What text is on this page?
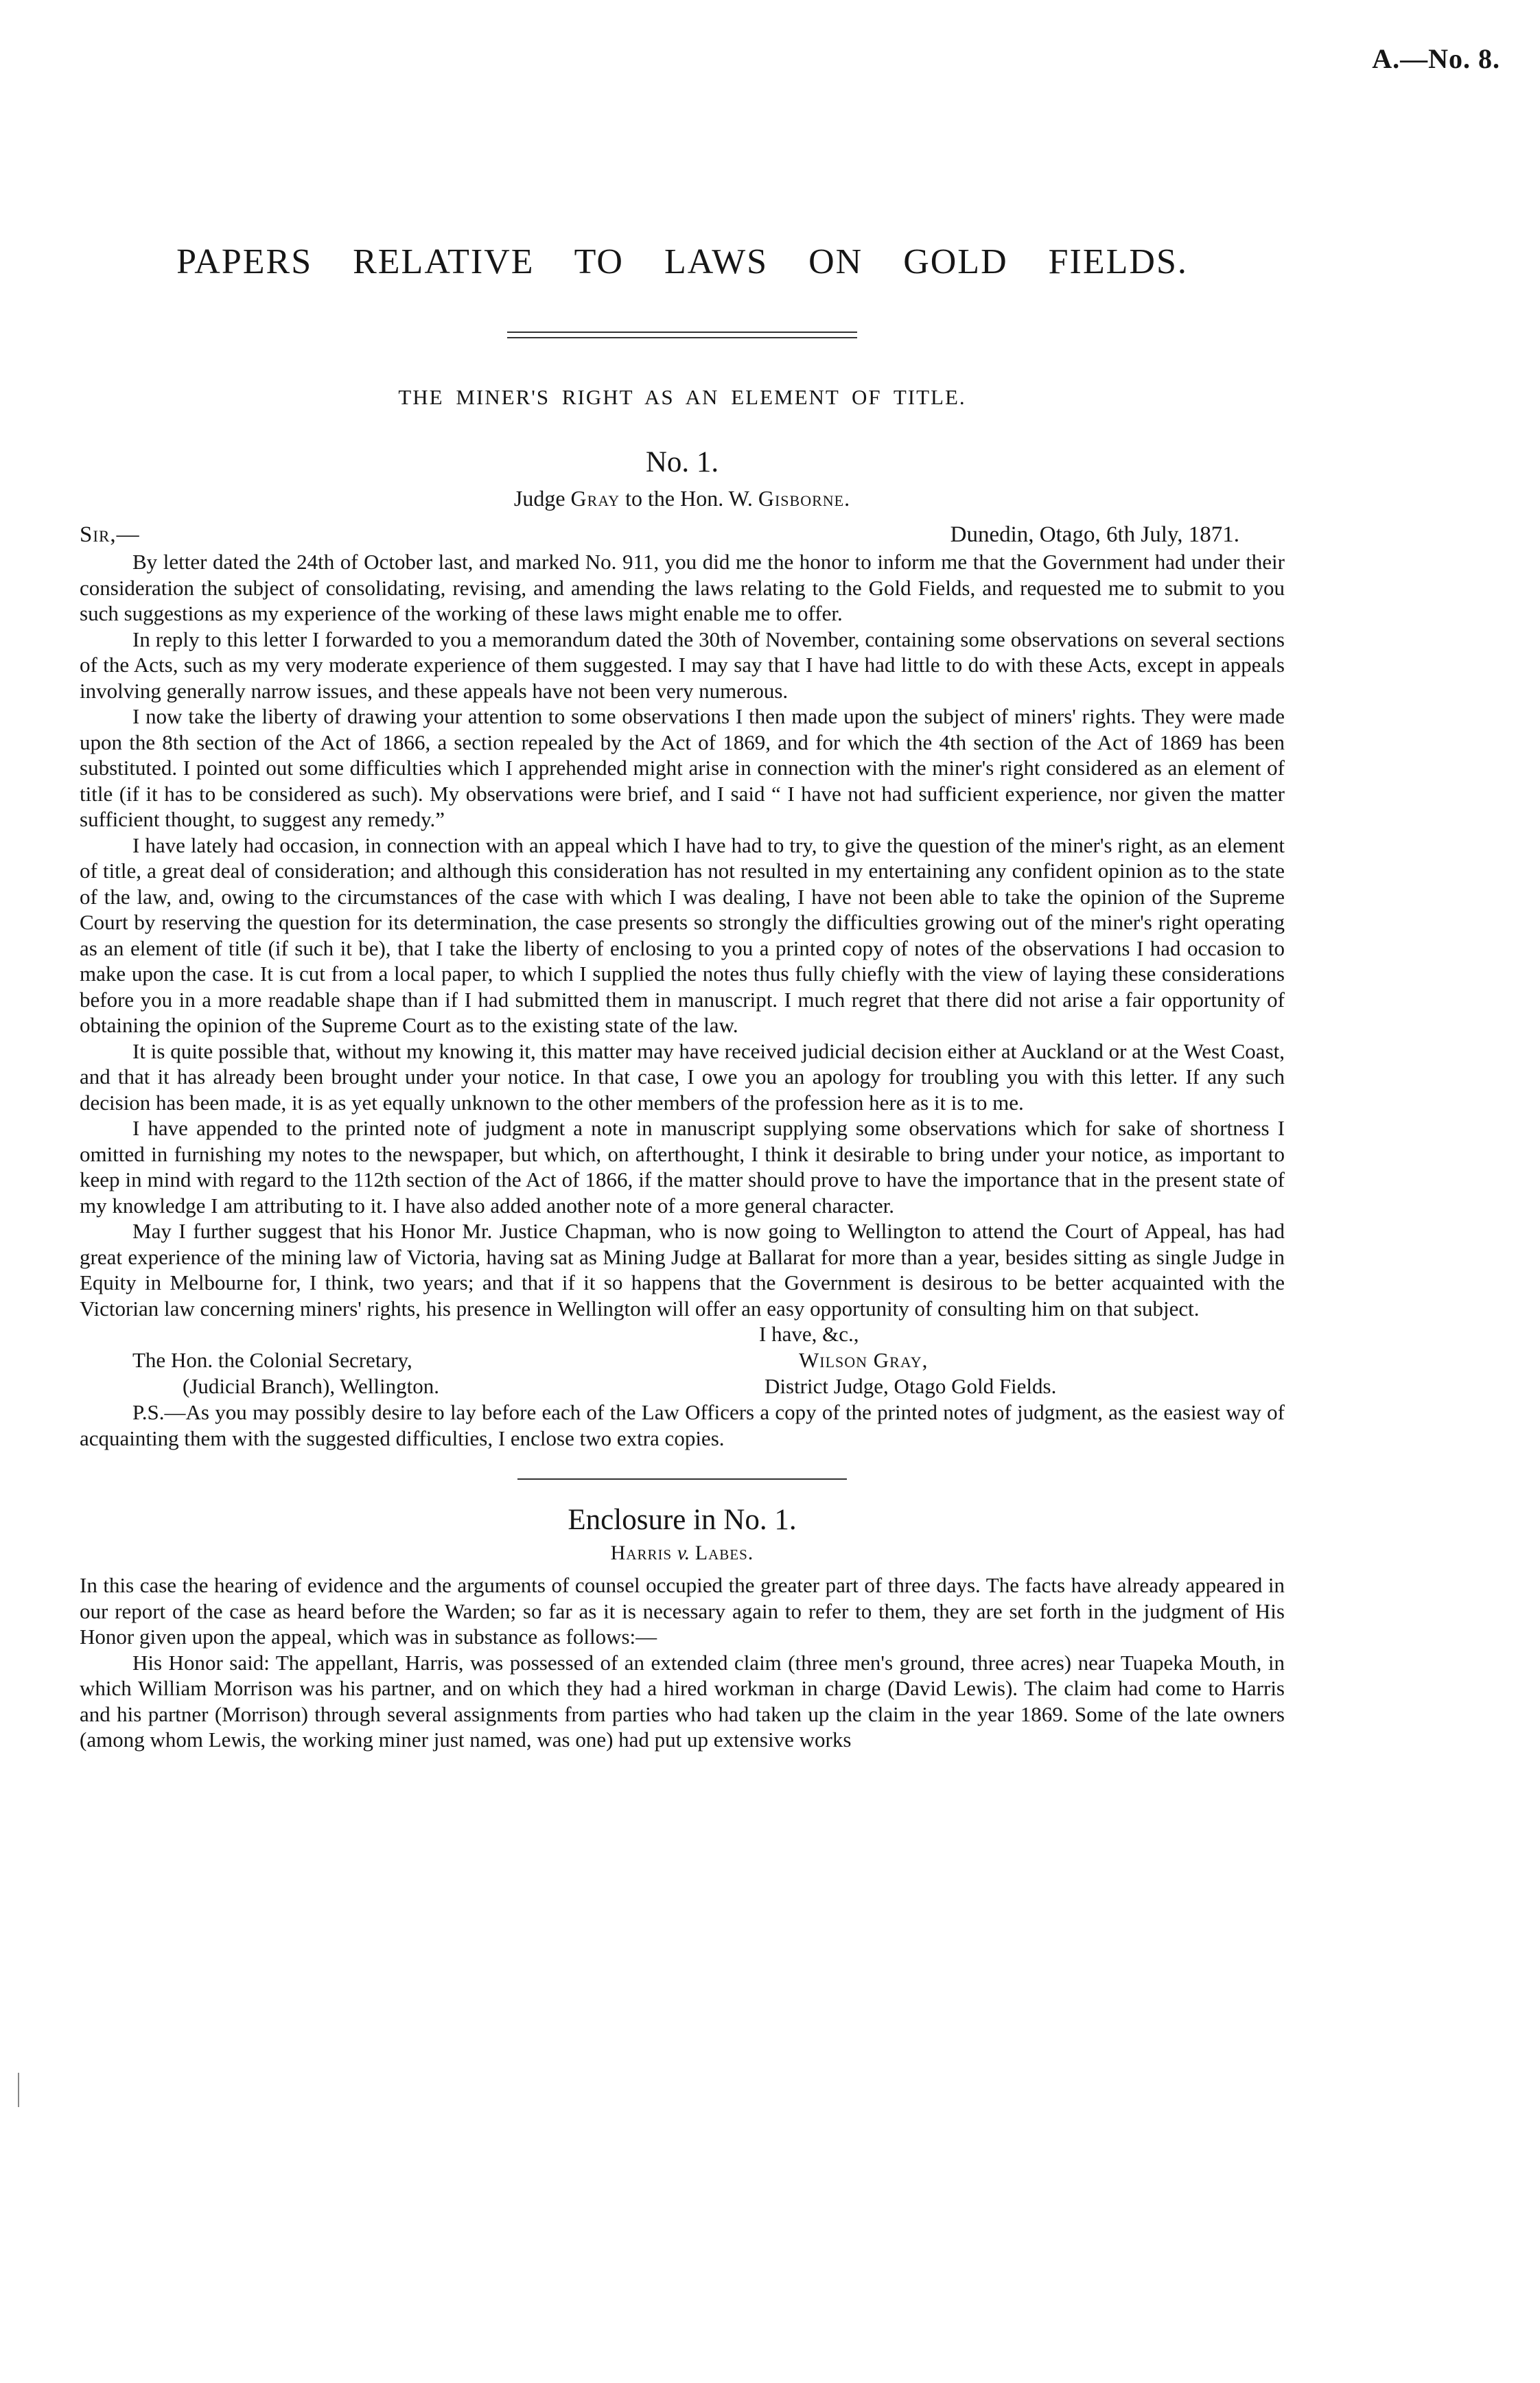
A.—No. 8.
PAPERS RELATIVE TO LAWS ON GOLD FIELDS.
THE MINER'S RIGHT AS AN ELEMENT OF TITLE.
No. 1.
Judge Gray to the Hon. W. Gisborne.
Sir,—	Dunedin, Otago, 6th July, 1871.

By letter dated the 24th of October last, and marked No. 911, you did me the honor to inform me that the Government had under their consideration the subject of consolidating, revising, and amending the laws relating to the Gold Fields, and requested me to submit to you such suggestions as my experience of the working of these laws might enable me to offer.

In reply to this letter I forwarded to you a memorandum dated the 30th of November, containing some observations on several sections of the Acts, such as my very moderate experience of them suggested. I may say that I have had little to do with these Acts, except in appeals involving generally narrow issues, and these appeals have not been very numerous.

I now take the liberty of drawing your attention to some observations I then made upon the subject of miners' rights. They were made upon the 8th section of the Act of 1866, a section repealed by the Act of 1869, and for which the 4th section of the Act of 1869 has been substituted. I pointed out some difficulties which I apprehended might arise in connection with the miner's right considered as an element of title (if it has to be considered as such). My observations were brief, and I said “ I have not had sufficient experience, nor given the matter sufficient thought, to suggest any remedy.”

I have lately had occasion, in connection with an appeal which I have had to try, to give the question of the miner's right, as an element of title, a great deal of consideration; and although this consideration has not resulted in my entertaining any confident opinion as to the state of the law, and, owing to the circumstances of the case with which I was dealing, I have not been able to take the opinion of the Supreme Court by reserving the question for its determination, the case presents so strongly the difficulties growing out of the miner's right operating as an element of title (if such it be), that I take the liberty of enclosing to you a printed copy of notes of the observations I had occasion to make upon the case. It is cut from a local paper, to which I supplied the notes thus fully chiefly with the view of laying these considerations before you in a more readable shape than if I had submitted them in manuscript. I much regret that there did not arise a fair opportunity of obtaining the opinion of the Supreme Court as to the existing state of the law.

It is quite possible that, without my knowing it, this matter may have received judicial decision either at Auckland or at the West Coast, and that it has already been brought under your notice. In that case, I owe you an apology for troubling you with this letter. If any such decision has been made, it is as yet equally unknown to the other members of the profession here as it is to me.

I have appended to the printed note of judgment a note in manuscript supplying some observations which for sake of shortness I omitted in furnishing my notes to the newspaper, but which, on afterthought, I think it desirable to bring under your notice, as important to keep in mind with regard to the 112th section of the Act of 1866, if the matter should prove to have the importance that in the present state of my knowledge I am attributing to it. I have also added another note of a more general character.

May I further suggest that his Honor Mr. Justice Chapman, who is now going to Wellington to attend the Court of Appeal, has had great experience of the mining law of Victoria, having sat as Mining Judge at Ballarat for more than a year, besides sitting as single Judge in Equity in Melbourne for, I think, two years; and that if it so happens that the Government is desirous to be better acquainted with the Victorian law concerning miners' rights, his presence in Wellington will offer an easy opportunity of consulting him on that subject.

I have, &c.,
The Hon. the Colonial Secretary,	Wilson Gray,
(Judicial Branch), Wellington.	District Judge, Otago Gold Fields.

P.S.—As you may possibly desire to lay before each of the Law Officers a copy of the printed notes of judgment, as the easiest way of acquainting them with the suggested difficulties, I enclose two extra copies.

Enclosure in No. 1.
Harris v. Labes.

In this case the hearing of evidence and the arguments of counsel occupied the greater part of three days. The facts have already appeared in our report of the case as heard before the Warden; so far as it is necessary again to refer to them, they are set forth in the judgment of His Honor given upon the appeal, which was in substance as follows:—

His Honor said: The appellant, Harris, was possessed of an extended claim (three men's ground, three acres) near Tuapeka Mouth, in which William Morrison was his partner, and on which they had a hired workman in charge (David Lewis). The claim had come to Harris and his partner (Morrison) through several assignments from parties who had taken up the claim in the year 1869. Some of the late owners (among whom Lewis, the working miner just named, was one) had put up extensive works
